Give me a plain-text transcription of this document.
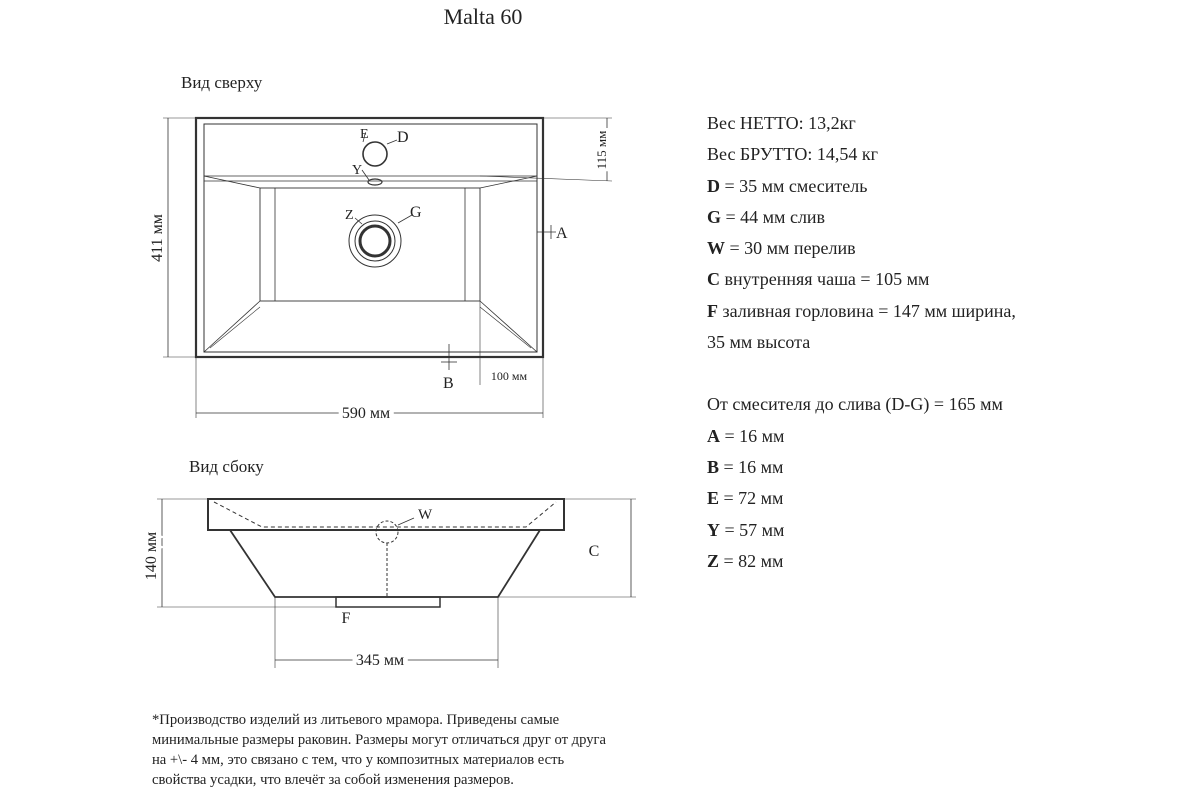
Malta 60
Вид сверху
411 мм
590 мм
115 мм
100 мм
E D
Y
Z	G
A
B
Вид сбоку
140 мм	C
W
F
345 мм
Вес НЕТТО: 13,2кг
Вес БРУТТО: 14,54 кг
D = 35 мм смеситель
G = 44 мм слив
W = 30 мм перелив
С внутренняя чаша = 105 мм
F заливная горловина = 147 мм ширина,
35 мм высота
От смесителя до слива (D-G) = 165 мм
А = 16 мм
В = 16 мм
Е = 72 мм
Y = 57 мм
Z = 82 мм
*Производство изделий из литьевого мрамора. Приведены самые
минимальные размеры раковин. Размеры могут отличаться друг от друга
на +\- 4 мм, это связано с тем, что у композитных материалов есть
свойства усадки, что влечёт за собой изменения размеров.
